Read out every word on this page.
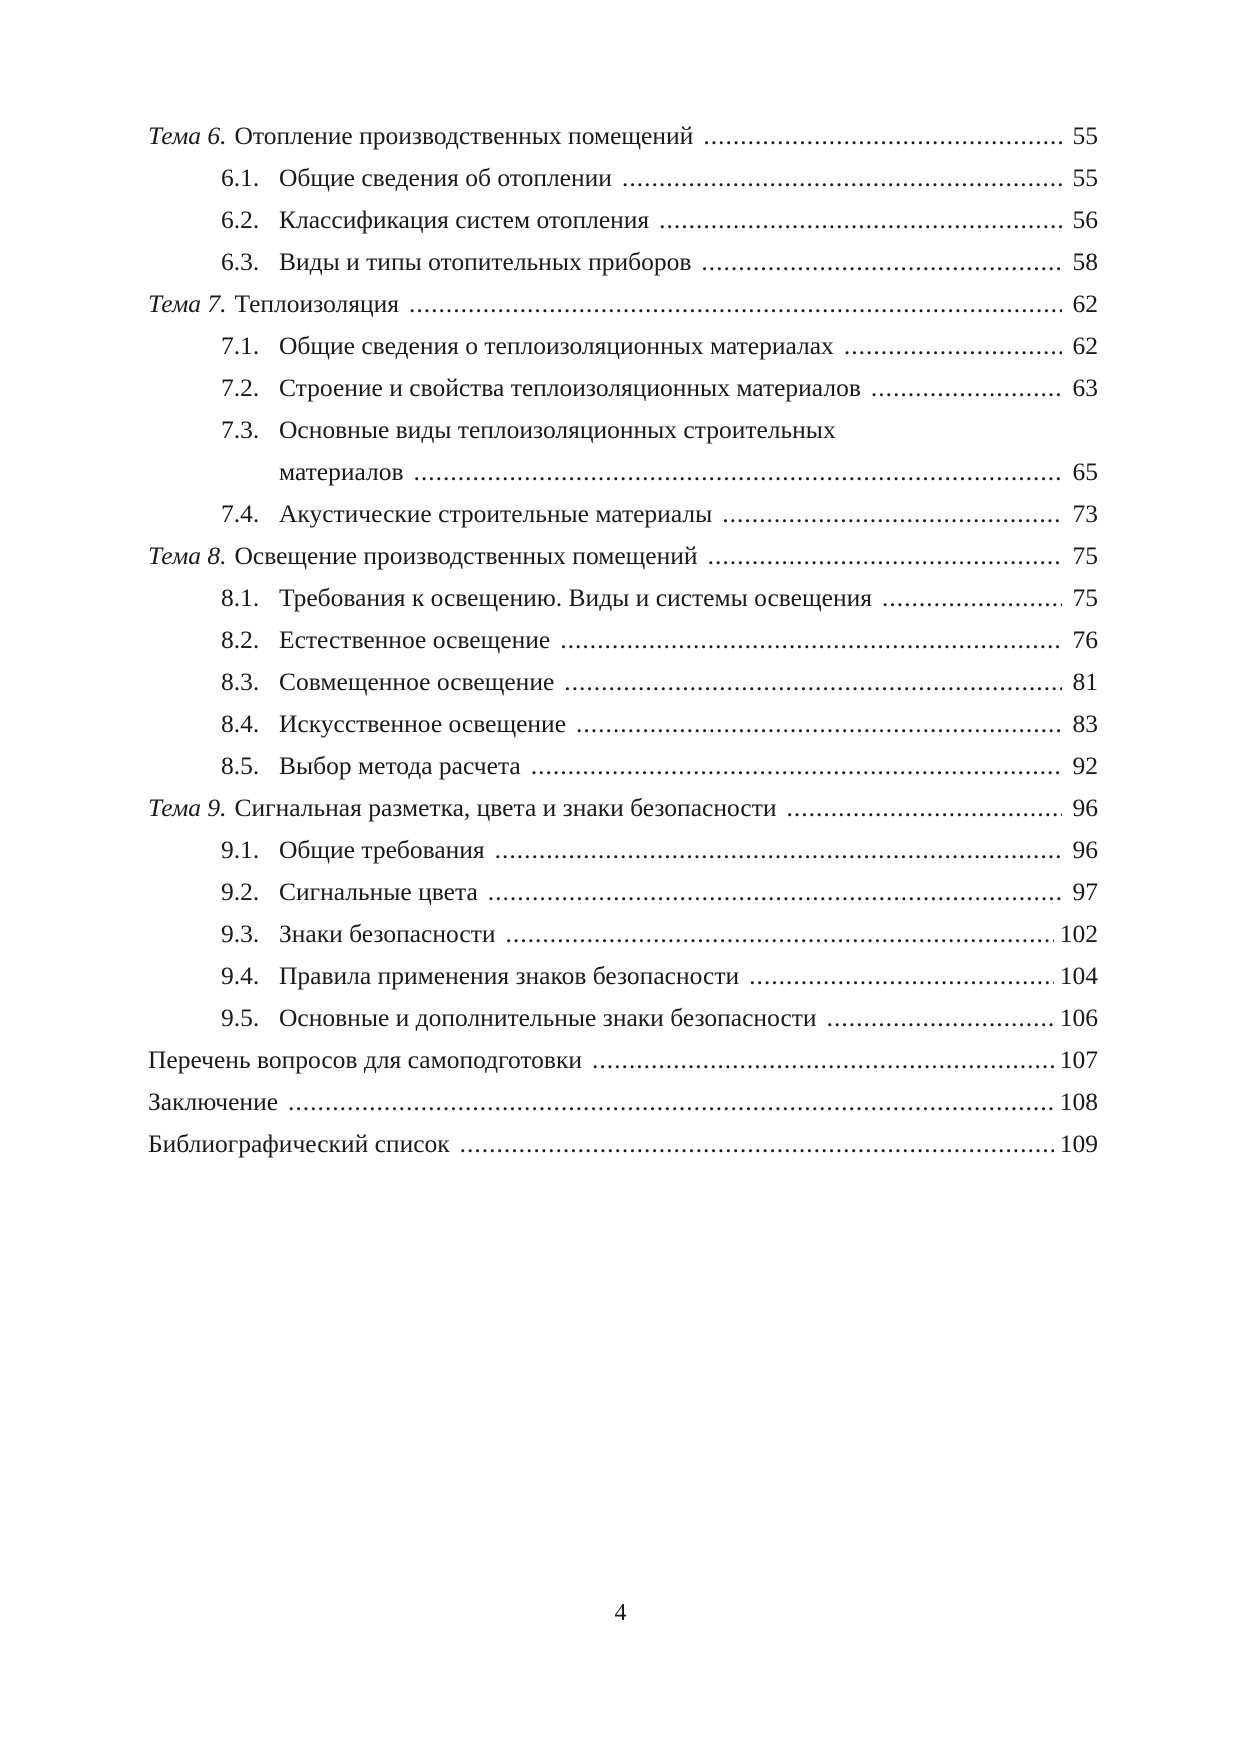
Тема 6. Отопление производственных помещений .....	55
6.1. Общие сведения об отоплении .....	55
6.2. Классификация систем отопления .....	56
6.3. Виды и типы отопительных приборов .....	58
Тема 7. Теплоизоляция .....	62
7.1. Общие сведения о теплоизоляционных материалах .....	62
7.2. Строение и свойства теплоизоляционных материалов .....	63
7.3. Основные виды теплоизоляционных строительных
материалов .....	65
7.4. Акустические строительные материалы .....	73
Тема 8. Освещение производственных помещений .....	75
8.1. Требования к освещению. Виды и системы освещения .....	75
8.2. Естественное освещение .....	76
8.3. Совмещенное освещение .....	81
8.4. Искусственное освещение .....	83
8.5. Выбор метода расчета .....	92
Тема 9. Сигнальная разметка, цвета и знаки безопасности .....	96
9.1. Общие требования .....	96
9.2. Сигнальные цвета .....	97
9.3. Знаки безопасности .....	102
9.4. Правила применения знаков безопасности .....	104
9.5. Основные и дополнительные знаки безопасности .....	106
Перечень вопросов для самоподготовки .....	107
Заключение .....	108
Библиографический список .....	109
4
